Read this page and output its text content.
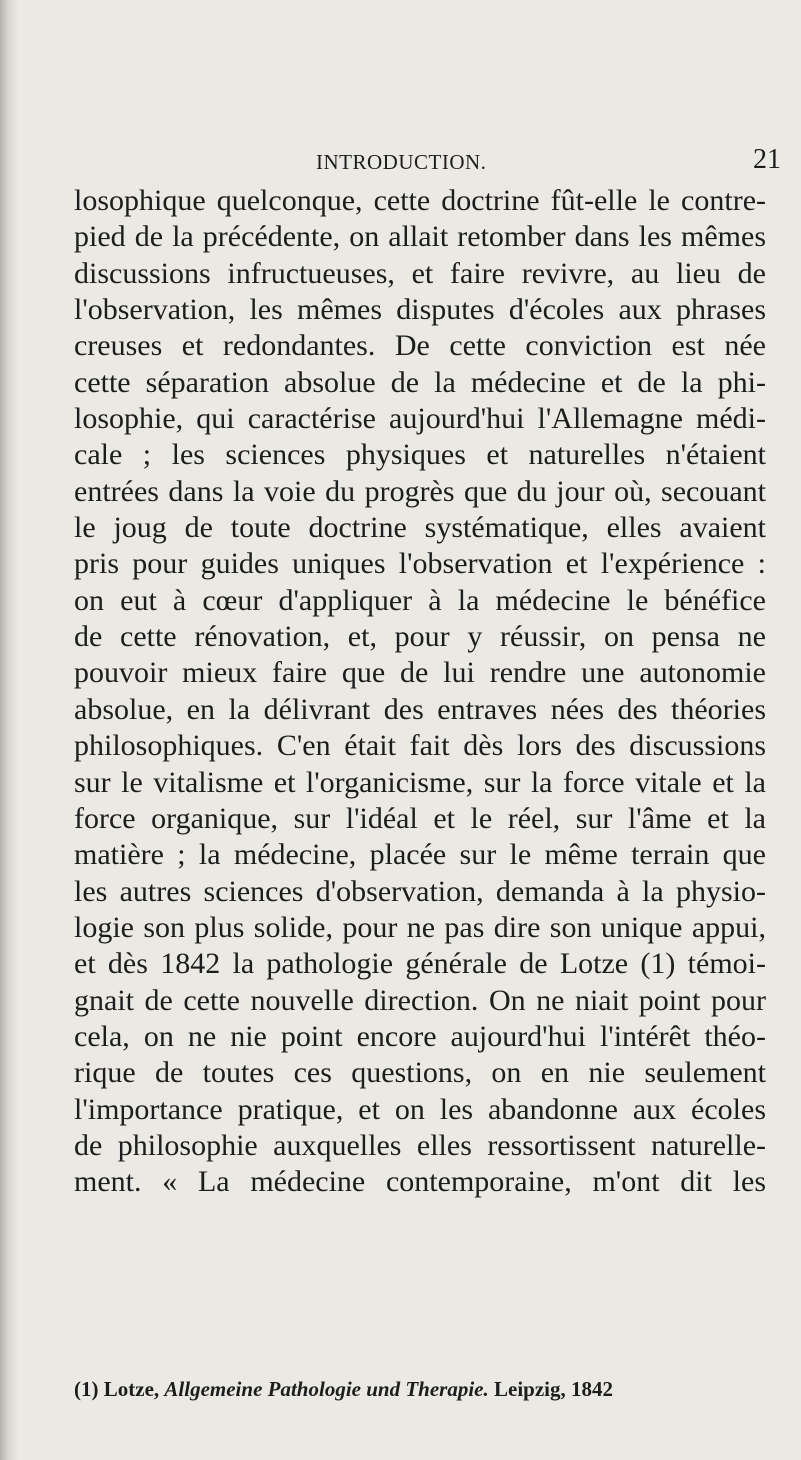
INTRODUCTION.	21
losophique quelconque, cette doctrine fût-elle le contre-
pied de la précédente, on allait retomber dans les mêmes
discussions infructueuses, et faire revivre, au lieu de
l'observation, les mêmes disputes d'écoles aux phrases
creuses et redondantes. De cette conviction est née
cette séparation absolue de la médecine et de la phi-
losophie, qui caractérise aujourd'hui l'Allemagne médi-
cale ; les sciences physiques et naturelles n'étaient
entrées dans la voie du progrès que du jour où, secouant
le joug de toute doctrine systématique, elles avaient
pris pour guides uniques l'observation et l'expérience :
on eut à cœur d'appliquer à la médecine le bénéfice
de cette rénovation, et, pour y réussir, on pensa ne
pouvoir mieux faire que de lui rendre une autonomie
absolue, en la délivrant des entraves nées des théories
philosophiques. C'en était fait dès lors des discussions
sur le vitalisme et l'organicisme, sur la force vitale et la
force organique, sur l'idéal et le réel, sur l'âme et la
matière ; la médecine, placée sur le même terrain que
les autres sciences d'observation, demanda à la physio-
logie son plus solide, pour ne pas dire son unique appui,
et dès 1842 la pathologie générale de Lotze (1) témoi-
gnait de cette nouvelle direction. On ne niait point pour
cela, on ne nie point encore aujourd'hui l'intérêt théo-
rique de toutes ces questions, on en nie seulement
l'importance pratique, et on les abandonne aux écoles
de philosophie auxquelles elles ressortissent naturelle-
ment. « La médecine contemporaine, m'ont dit les
(1) Lotze, Allgemeine Pathologie und Therapie. Leipzig, 1842
